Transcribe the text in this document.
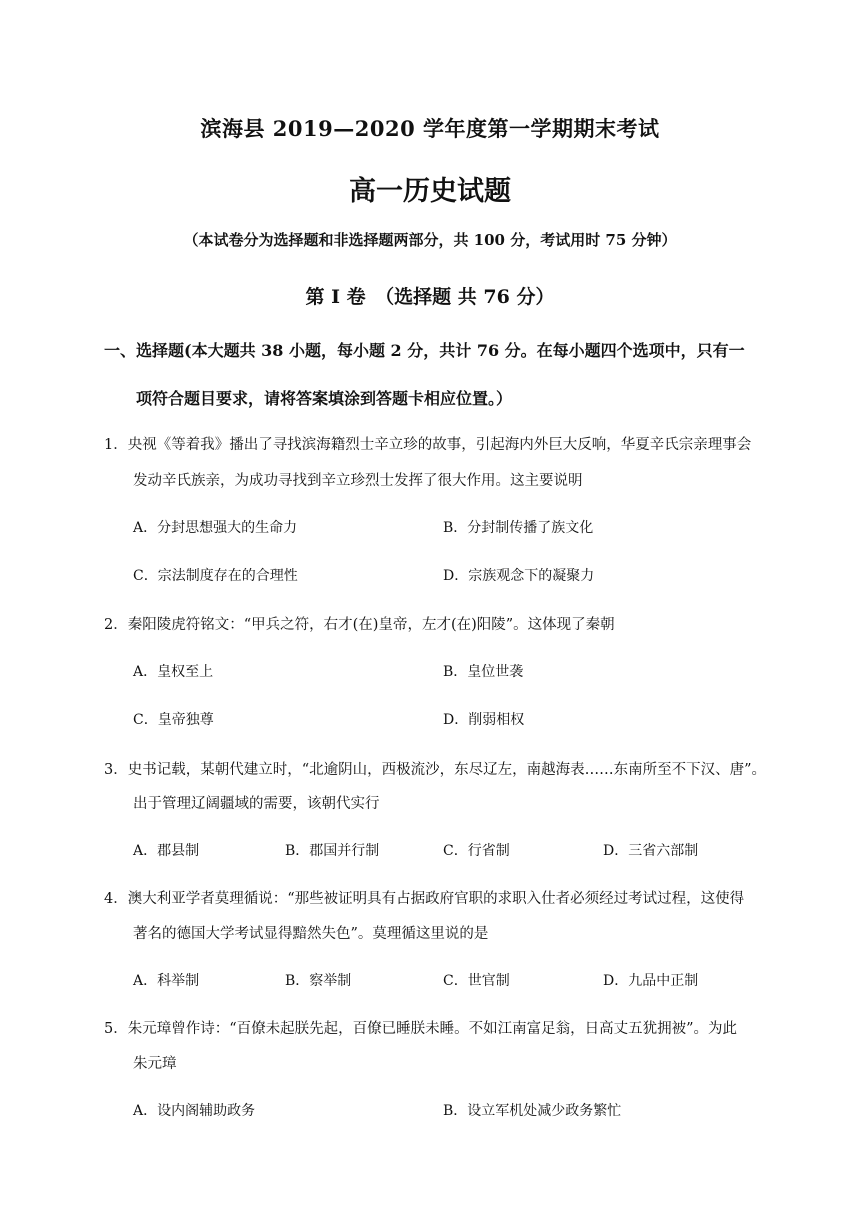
滨海县 2019—2020 学年度第一学期期末考试
高一历史试题
（本试卷分为选择题和非选择题两部分，共 100 分，考试用时 75 分钟）
第 I 卷　（选择题 共 76 分）
一、选择题(本大题共 38 小题，每小题 2 分，共计 76 分。在每小题四个选项中，只有一
项符合题目要求，请将答案填涂到答题卡相应位置。）
1．央视《等着我》播出了寻找滨海籍烈士辛立珍的故事，引起海内外巨大反响，华夏辛氏宗亲理事会
发动辛氏族亲，为成功寻找到辛立珍烈士发挥了很大作用。这主要说明
A．分封思想强大的生命力	B．分封制传播了族文化
C．宗法制度存在的合理性	D．宗族观念下的凝聚力
2．秦阳陵虎符铭文：“甲兵之符，右才(在)皇帝，左才(在)阳陵”。这体现了秦朝
A．皇权至上	B．皇位世袭
C．皇帝独尊	D．削弱相权
3．史书记载，某朝代建立时，“北逾阴山，西极流沙，东尽辽左，南越海表……东南所至不下汉、唐”。
出于管理辽阔疆域的需要，该朝代实行
A．郡县制	B．郡国并行制	C．行省制	D．三省六部制
4．澳大利亚学者莫理循说：“那些被证明具有占据政府官职的求职入仕者必须经过考试过程，这使得
著名的德国大学考试显得黯然失色”。莫理循这里说的是
A．科举制	B．察举制	C．世官制	D．九品中正制
5．朱元璋曾作诗：“百僚未起朕先起，百僚已睡朕未睡。不如江南富足翁，日高丈五犹拥被”。为此
朱元璋
A．设内阁辅助政务	B．设立军机处减少政务繁忙
